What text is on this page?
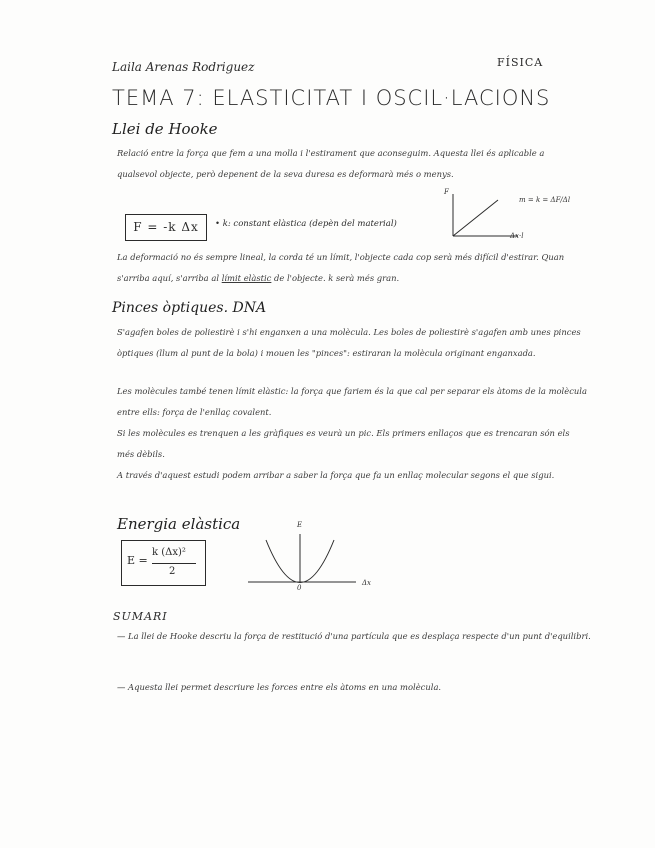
Laila Arenas Rodriguez	FÍSICA
TEMA 7: ELASTICITAT I OSCIL·LACIONS
Llei de Hooke
Relació entre la força que fem a una molla i l'estirament que aconseguim. Aquesta llei és aplicable a qualsevol objecte, però depenent de la seva duresa es deformarà més o menys.
F = -k Δx	• k: constant elàstica (depèn del material)
F
Δx·l
m = k = ΔF/Δl
La deformació no és sempre lineal, la corda té un límit, l'objecte cada cop serà més difícil d'estirar. Quan s'arriba aquí, s'arriba al límit elàstic de l'objecte. k serà més gran.
Pinces òptiques. DNA
S'agafen boles de poliestirè i s'hi enganxen a una molècula. Les boles de poliestirè s'agafen amb unes pinces òptiques (llum al punt de la bola) i mouen les "pinces": estiraran la molècula originant enganxada.
Les molècules també tenen límit elàstic: la força que fariem és la que cal per separar els àtoms de la molècula entre ells: força de l'enllaç covalent.
Si les molècules es trenquen a les gràfiques es veurà un pic. Els primers enllaços que es trencaran són els més dèbils.
A través d'aquest estudi podem arribar a saber la força que fa un enllaç molecular segons el que sigui.
Energia elàstica
E =
k (Δx)²
2
E
Δx
0
SUMARI
— La llei de Hooke descriu la força de restitució d'una partícula que es desplaça respecte d'un punt d'equilibri.
— Aquesta llei permet descriure les forces entre els àtoms en una molècula.
